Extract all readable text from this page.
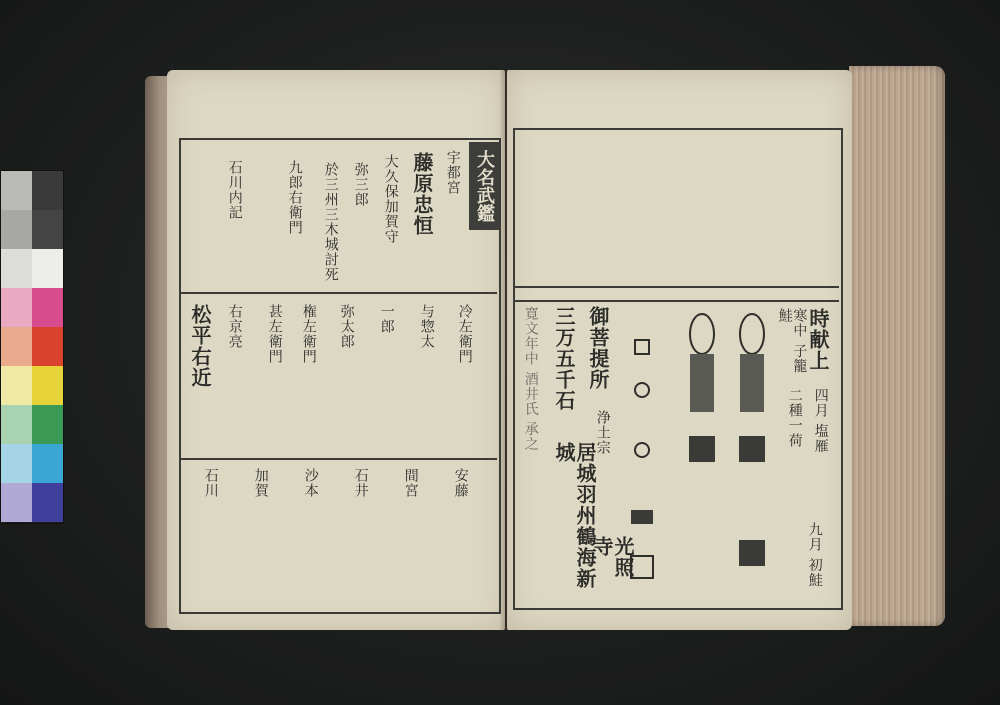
大名武鑑
宇都宮
藤原忠恒
大久保加賀守
弥三郎
於三州三木城討死
九郎右衛門
石川内記
冷左衛門
与惣太
一郎
弥太郎
権左衛門
甚左衛門
右京亮
松平右近
安藤
間宮
石井
沙本
加賀
石川
時献上
四月 塩雁
二種一荷
九月 初鮭
寒中 子籠鮭
御菩提所
浄土宗
光照寺
三万五千石
居城羽州鶴海新城
寛文年中 酒井氏 承之
